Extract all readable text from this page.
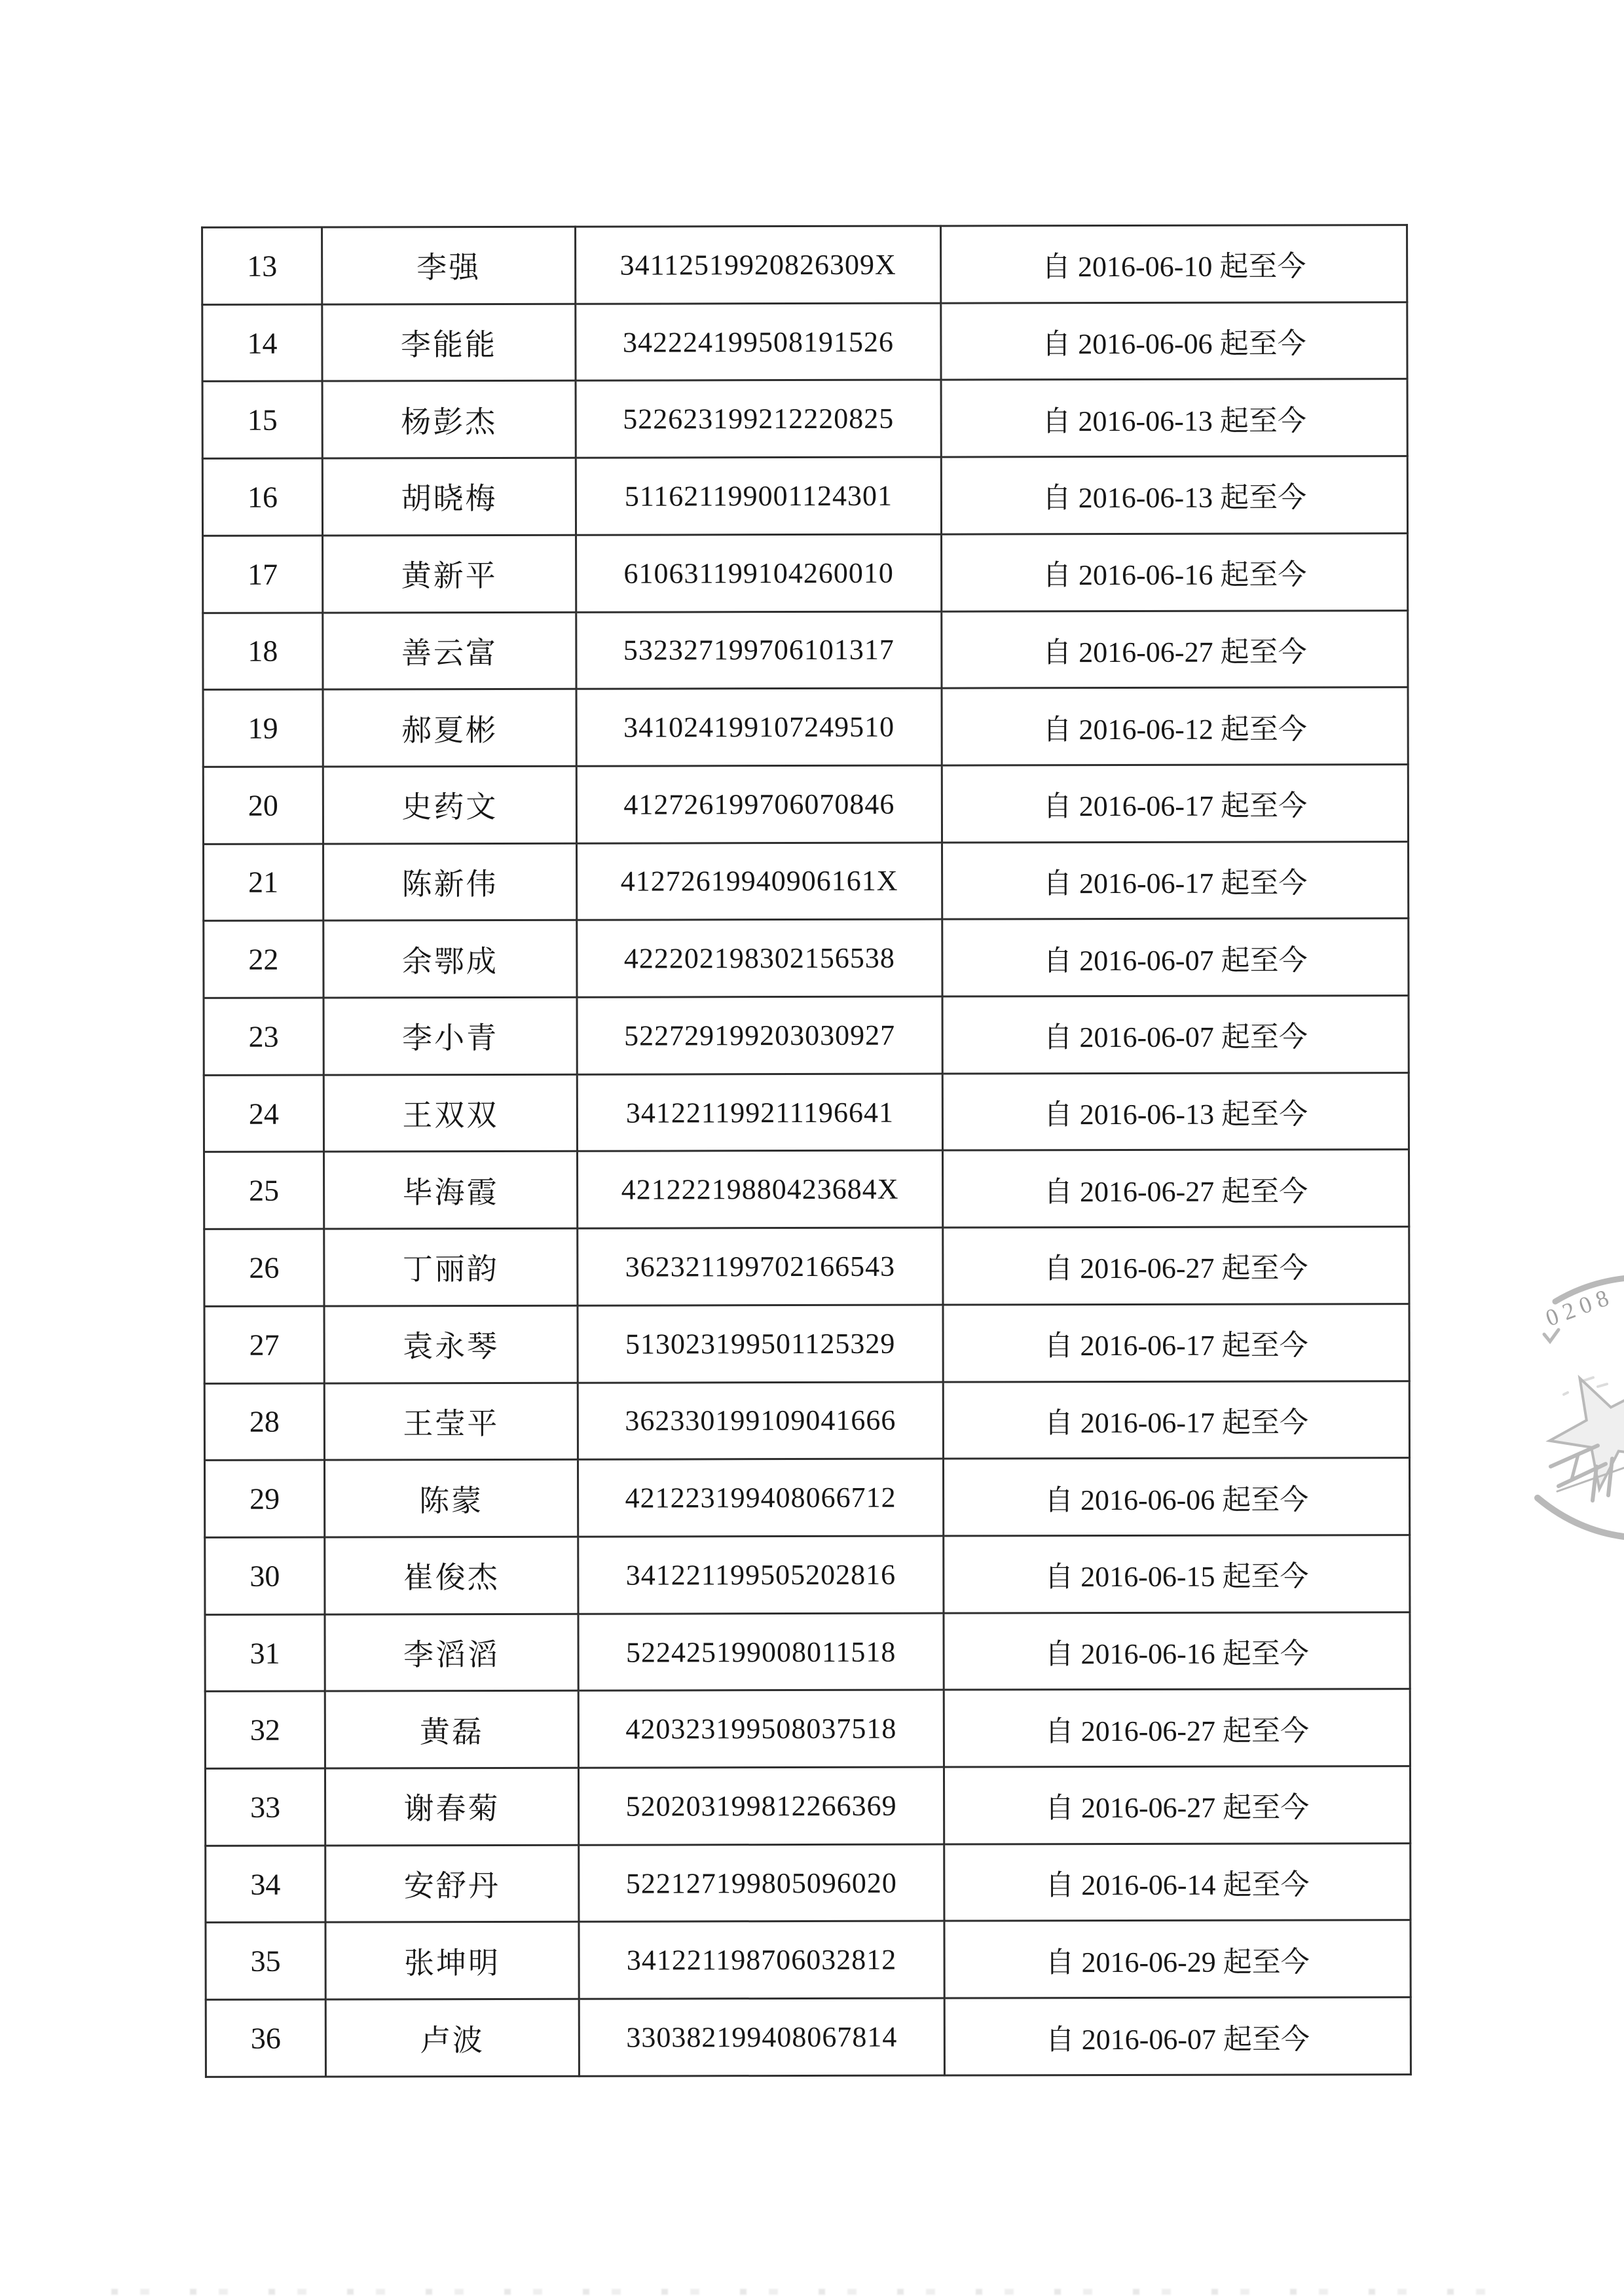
13	李强	34112519920826309X	自 2016-06-10 起至今
14	李能能	342224199508191526	自 2016-06-06 起至今
15	杨彭杰	522623199212220825	自 2016-06-13 起至今
16	胡晓梅	511621199001124301	自 2016-06-13 起至今
17	黄新平	610631199104260010	自 2016-06-16 起至今
18	善云富	532327199706101317	自 2016-06-27 起至今
19	郝夏彬	341024199107249510	自 2016-06-12 起至今
20	史药文	412726199706070846	自 2016-06-17 起至今
21	陈新伟	41272619940906161X	自 2016-06-17 起至今
22	余鄂成	422202198302156538	自 2016-06-07 起至今
23	李小青	522729199203030927	自 2016-06-07 起至今
24	王双双	341221199211196641	自 2016-06-13 起至今
25	毕海霞	42122219880423684X	自 2016-06-27 起至今
26	丁丽韵	362321199702166543	自 2016-06-27 起至今
27	袁永琴	513023199501125329	自 2016-06-17 起至今
28	王莹平	362330199109041666	自 2016-06-17 起至今
29	陈蒙	421223199408066712	自 2016-06-06 起至今
30	崔俊杰	341221199505202816	自 2016-06-15 起至今
31	李滔滔	522425199008011518	自 2016-06-16 起至今
32	黄磊	420323199508037518	自 2016-06-27 起至今
33	谢春菊	520203199812266369	自 2016-06-27 起至今
34	安舒丹	522127199805096020	自 2016-06-14 起至今
35	张坤明	341221198706032812	自 2016-06-29 起至今
36	卢波	330382199408067814	自 2016-06-07 起至今
0208
